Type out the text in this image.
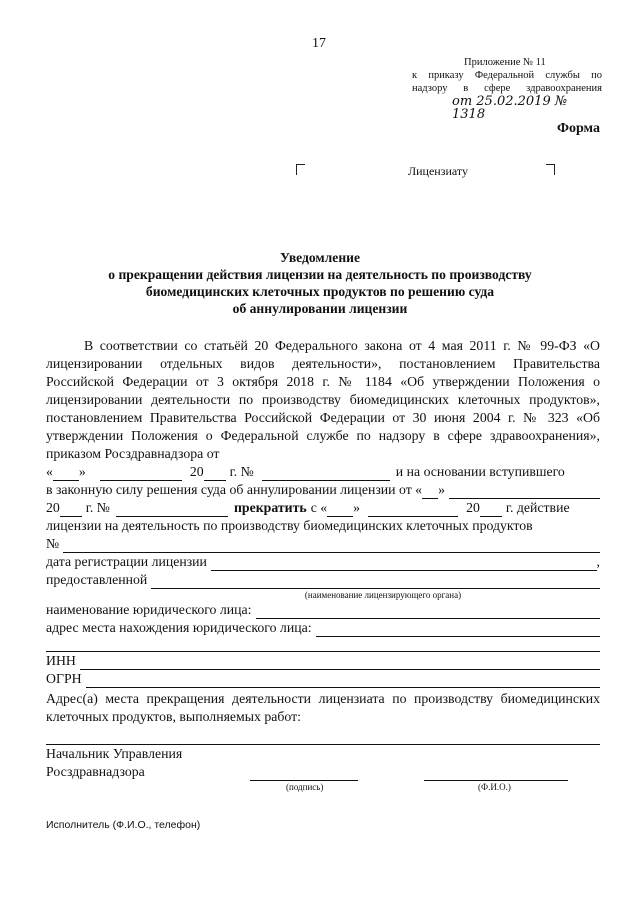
17
Приложение № 11
к приказу Федеральной службы по
надзору в сфере здравоохранения
от 25.02.2019 № 1318
Форма
Лицензиату
Уведомление
о прекращении действия лицензии на деятельность по производству
биомедицинских клеточных продуктов по решению суда
об аннулировании лицензии

В соответствии со статьёй 20 Федерального закона от 4 мая 2011 г. № 99-ФЗ «О лицензировании отдельных видов деятельности», постановлением Правительства Российской Федерации от 3 октября 2018 г. № 1184 «Об утверждении Положения о лицензировании деятельности по производству биомедицинских клеточных продуктов», постановлением Правительства Российской Федерации от 30 июня 2004 г. № 323 «Об утверждении Положения о Федеральной службе по надзору в сфере здравоохранения», приказом Росздравнадзора от

« »	20 г. №	и на основании вступившего
в законную силу решения суда об аннулировании лицензии от « »
20 г. №	прекратить с « »	20 г. действие
лицензии на деятельность по производству биомедицинских клеточных продуктов
№
дата регистрации лицензии	,
предоставленной
(наименование лицензирующего органа)
наименование юридического лица:
адрес места нахождения юридического лица:
ИНН
ОГРН

Адрес(а) места прекращения деятельности лицензиата по производству биомедицинских клеточных продуктов, выполняемых работ:

Начальник Управления
Росздравнадзора
(подпись)	(Ф.И.О.)
Исполнитель (Ф.И.О., телефон)
